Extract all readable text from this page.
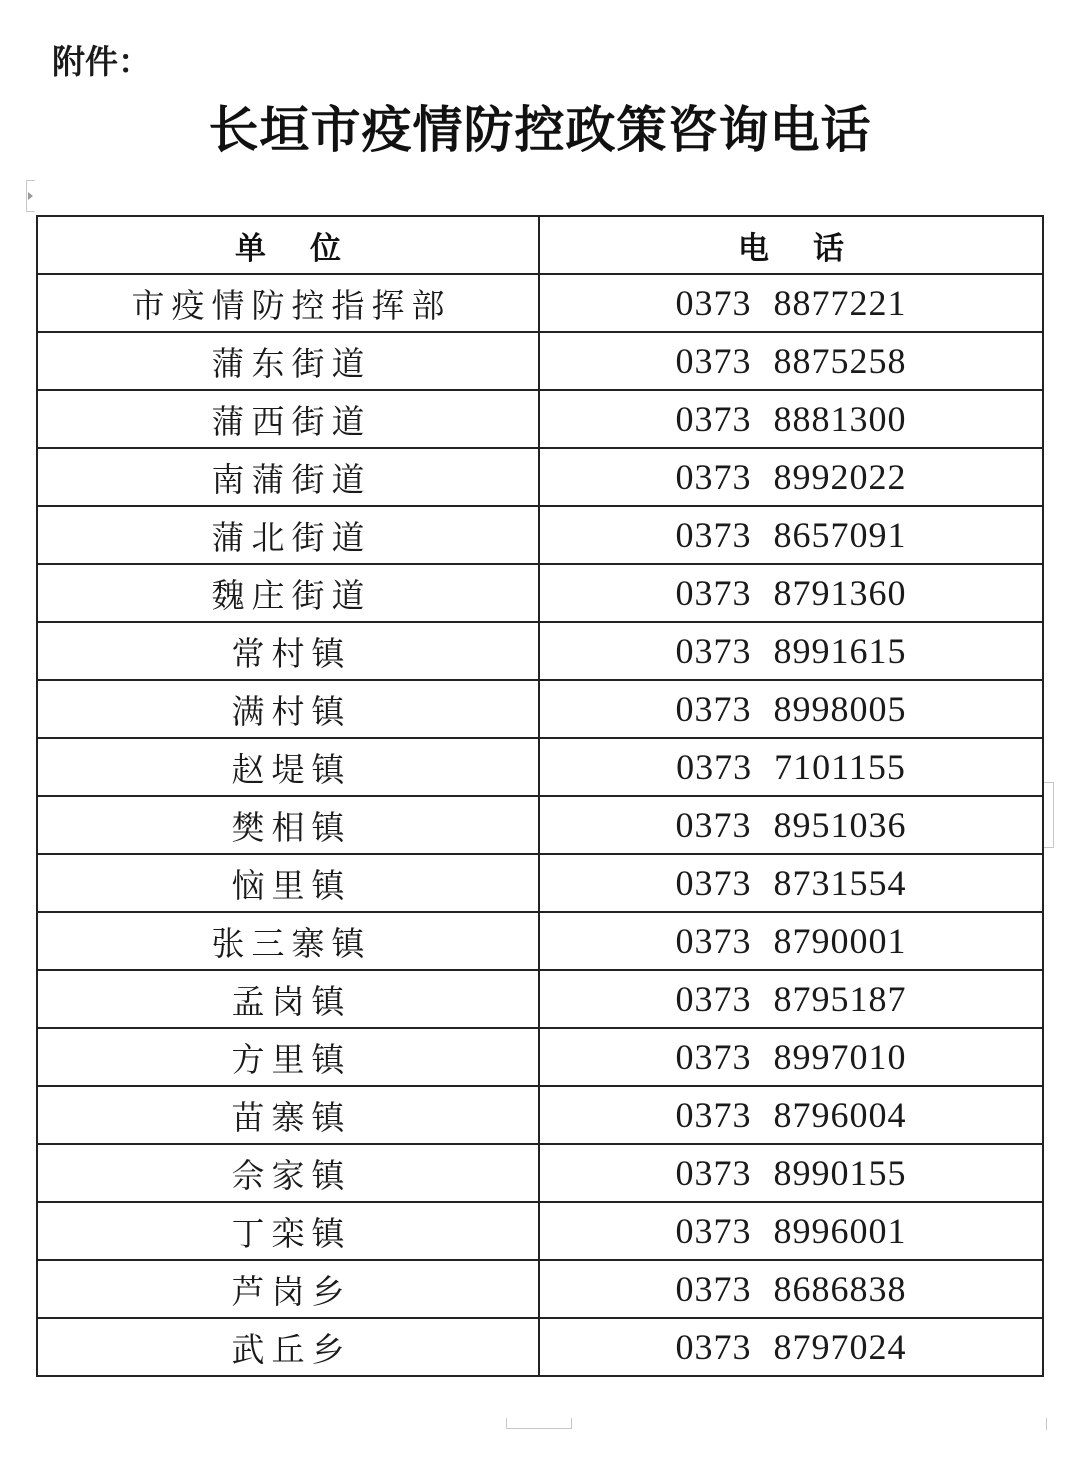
附件：
长垣市疫情防控政策咨询电话
单位	电话
市疫情防控指挥部	0373 8877221
蒲东街道	0373 8875258
蒲西街道	0373 8881300
南蒲街道	0373 8992022
蒲北街道	0373 8657091
魏庄街道	0373 8791360
常村镇	0373 8991615
满村镇	0373 8998005
赵堤镇	0373 7101155
樊相镇	0373 8951036
恼里镇	0373 8731554
张三寨镇	0373 8790001
孟岗镇	0373 8795187
方里镇	0373 8997010
苗寨镇	0373 8796004
佘家镇	0373 8990155
丁栾镇	0373 8996001
芦岗乡	0373 8686838
武丘乡	0373 8797024
